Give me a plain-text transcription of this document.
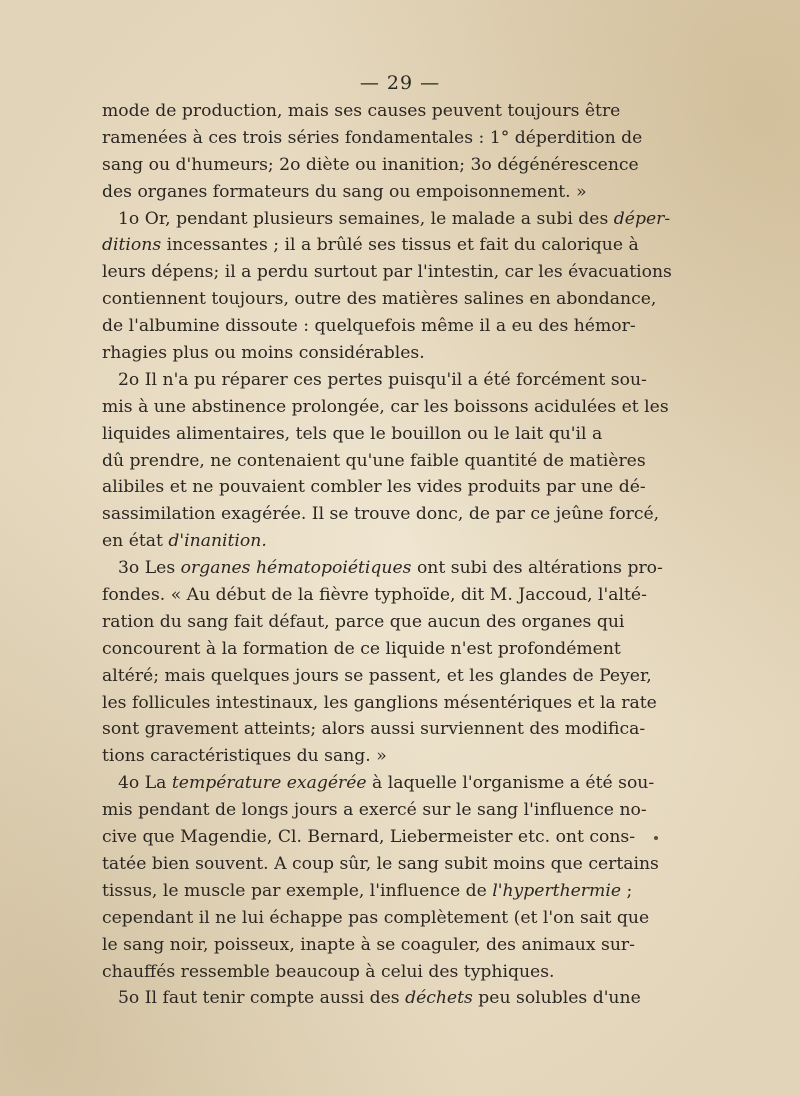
— 29 —
mode de production, mais ses causes peuvent toujours être
ramenées à ces trois séries fondamentales : 1° déperdition de
sang ou d'humeurs; 2o diète ou inanition; 3o dégénérescence
des organes formateurs du sang ou empoisonnement. »
1o Or, pendant plusieurs semaines, le malade a subi des déper-
ditions incessantes ; il a brûlé ses tissus et fait du calorique à
leurs dépens; il a perdu surtout par l'intestin, car les évacuations
contiennent toujours, outre des matières salines en abondance,
de l'albumine dissoute : quelquefois même il a eu des hémor-
rhagies plus ou moins considérables.
2o Il n'a pu réparer ces pertes puisqu'il a été forcément sou-
mis à une abstinence prolongée, car les boissons acidulées et les
liquides alimentaires, tels que le bouillon ou le lait qu'il a
dû prendre, ne contenaient qu'une faible quantité de matières
alibiles et ne pouvaient combler les vides produits par une dé-
sassimilation exagérée. Il se trouve donc, de par ce jeûne forcé,
en état d'inanition.
3o Les organes hématopoiétiques ont subi des altérations pro-
fondes. « Au début de la fièvre typhoïde, dit M. Jaccoud, l'alté-
ration du sang fait défaut, parce que aucun des organes qui
concourent à la formation de ce liquide n'est profondément
altéré; mais quelques jours se passent, et les glandes de Peyer,
les follicules intestinaux, les ganglions mésentériques et la rate
sont gravement atteints; alors aussi surviennent des modifica-
tions caractéristiques du sang. »
4o La température exagérée à laquelle l'organisme a été sou-
mis pendant de longs jours a exercé sur le sang l'influence no-
cive que Magendie, Cl. Bernard, Liebermeister etc. ont cons-
tatée bien souvent. A coup sûr, le sang subit moins que certains
tissus, le muscle par exemple, l'influence de l'hyperthermie ;
cependant il ne lui échappe pas complètement (et l'on sait que
le sang noir, poisseux, inapte à se coaguler, des animaux sur-
chauffés ressemble beaucoup à celui des typhiques.
5o Il faut tenir compte aussi des déchets peu solubles d'une
